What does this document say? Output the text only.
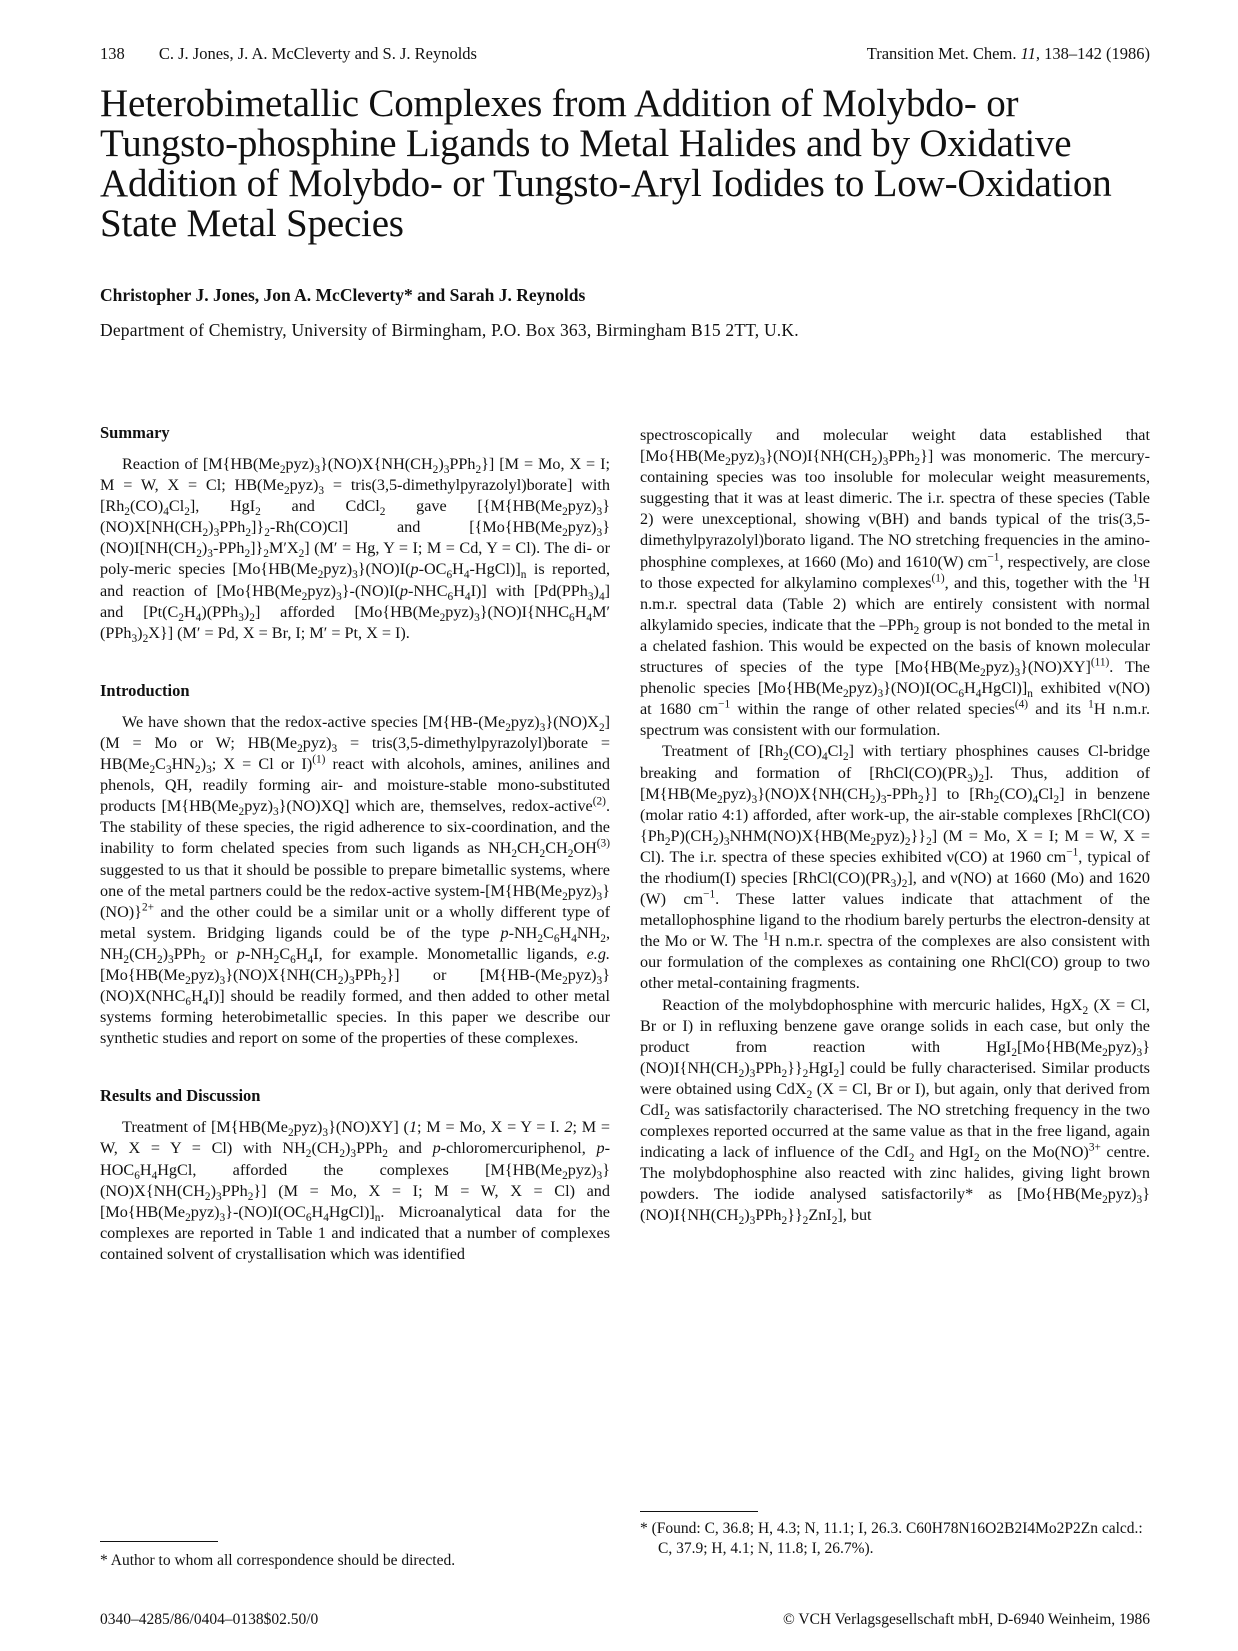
138 C. J. Jones, J. A. McCleverty and S. J. Reynolds	Transition Met. Chem. 11, 138–142 (1986)
Heterobimetallic Complexes from Addition of Molybdo- or Tungsto-phosphine Ligands to Metal Halides and by Oxidative Addition of Molybdo- or Tungsto-Aryl Iodides to Low-Oxidation State Metal Species
Christopher J. Jones, Jon A. McCleverty* and Sarah J. Reynolds
Department of Chemistry, University of Birmingham, P.O. Box 363, Birmingham B15 2TT, U.K.
Summary

Reaction of $[M\{HB(Me_2pyz)_3\}(NO)X\{NH(CH_2)_3PPh_2\}] [M = Mo$, X = I; M = W, X = Cl; $HB(Me_2pyz)_3$ = tris(3,5-dimethylpyrazolyl)borate] with $[Rh_2(CO)_4Cl_2]$, HgI$_2$ and CdCl$_2$ gave $[\{M\{HB(Me_2pyz)_3\}(NO)X[NH(CH_2)_3PPh_2]\}_2-Rh(CO)Cl]$ and $[\{Mo\{HB(Me_2pyz)_3\}(NO)I[NH(CH_2)_3-PPh_2]\}_2M'X_2] (M' = Hg$, Y = I; M = Cd, Y = Cl). The di- or poly-meric species $[Mo\{HB(Me_2pyz)_3\}(NO)I(p-OC_6H_4-HgCl)]_n$ is reported, and reaction of $[Mo\{HB(Me_2pyz)_3\}-(NO)I(p-NHC_6H_4I)]$ with $[Pd(PPh_3)_4]$ and $[Pt(C_2H_4)(PPh_3)_2]$ afforded $[Mo\{HB(Me_2pyz)_3\}(NO)I\{NHC_6H_4M'(PPh_3)_2X\}] (M' = Pd$, X = Br, I; M′ = Pt, X = I).

Introduction

We have shown that the redox-active species $[M\{HB-(Me_2pyz)_3\}(NO)X_2] (M = Mo$ or W; $HB(Me_2pyz)_3$ = tris(3,5-dimethylpyrazolyl)borate = $HB(Me_2C_3HN_2)_3$; X = Cl or I)$^{(1)}$ react with alcohols, amines, anilines and phenols, QH, readily forming air- and moisture-stable mono-substituted products $[M\{HB(Me_2pyz)_3\}(NO)XQ]$ which are, themselves, redox-active$^{(2)}$. The stability of these species, the rigid adherence to six-coordination, and the inability to form chelated species from such ligands as $NH_2CH_2CH_2OH^{(3)}$ suggested to us that it should be possible to prepare bimetallic systems, where one of the metal partners could be the redox-active system-$[M\{HB(Me_2pyz)_3\}(NO)\}^{2+}$ and the other could be a similar unit or a wholly different type of metal system. Bridging ligands could be of the type $p-NH_2C_6H_4NH_2$, $NH_2(CH_2)_3PPh_2$ or $p-NH_2C_6H_4I$, for example. Monometallic ligands, e.g. $[Mo\{HB(Me_2pyz)_3\}(NO)X\{NH(CH_2)_3PPh_2\}]$ or $[M\{HB-(Me_2pyz)_3\}(NO)X(NHC_6H_4I)]$ should be readily formed, and then added to other metal systems forming heterobimetallic species. In this paper we describe our synthetic studies and report on some of the properties of these complexes.

Results and Discussion

Treatment of $[M\{HB(Me_2pyz)_3\}(NO)XY]$ (1; M = Mo, X = Y = I. 2; M = W, X = Y = Cl) with $NH_2(CH_2)_3PPh_2$ and p-chloromercuriphenol, $p-HOC_6H_4HgCl$, afforded the complexes $[M\{HB(Me_2pyz)_3\}(NO)X\{NH(CH_2)_3PPh_2\}] (M = Mo$, X = I; M = W, X = Cl) and $[Mo\{HB(Me_2pyz)_3\}-(NO)I(OC_6H_4HgCl)]_n$. Microanalytical data for the complexes are reported in Table 1 and indicated that a number of complexes contained solvent of crystallisation which was identified

spectroscopically and molecular weight data established that $[Mo\{HB(Me_2pyz)_3\}(NO)I\{NH(CH_2)_3PPh_2\}]$ was monomeric. The mercury-containing species was too insoluble for molecular weight measurements, suggesting that it was at least dimeric. The i.r. spectra of these species (Table 2) were unexceptional, showing ν(BH) and bands typical of the tris(3,5-dimethylpyrazolyl)borato ligand. The NO stretching frequencies in the amino-phosphine complexes, at 1660 (Mo) and 1610(W) $cm^{-1}$, respectively, are close to those expected for alkylamino complexes$^{(1)}$, and this, together with the $^1$H n.m.r. spectral data (Table 2) which are entirely consistent with normal alkylamido species, indicate that the –PPh$_2$ group is not bonded to the metal in a chelated fashion. This would be expected on the basis of known molecular structures of species of the type $[Mo\{HB(Me_2pyz)_3\}(NO)XY]^{(11)}$. The phenolic species $[Mo\{HB(Me_2pyz)_3\}(NO)I(OC_6H_4HgCl)]_n$ exhibited ν(NO) at 1680 $cm^{-1}$ within the range of other related species$^{(4)}$ and its $^1$H n.m.r. spectrum was consistent with our formulation.

Treatment of $[Rh_2(CO)_4Cl_2]$ with tertiary phosphines causes Cl-bridge breaking and formation of $[RhCl(CO)(PR_3)_2]$. Thus, addition of $[M\{HB(Me_2pyz)_3\}(NO)X\{NH(CH_2)_3-PPh_2\}]$ to $[Rh_2(CO)_4Cl_2]$ in benzene (molar ratio 4:1) afforded, after work-up, the air-stable complexes $[RhCl(CO)\{Ph_2P)(CH_2)_3NHM(NO)X\{HB(Me_2pyz)_2\}\}_2] (M = Mo$, X = I; M = W, X = Cl). The i.r. spectra of these species exhibited ν(CO) at 1960 $cm^{-1}$, typical of the rhodium(I) species $[RhCl(CO)(PR_3)_2]$, and ν(NO) at 1660 (Mo) and 1620 (W) $cm^{-1}$. These latter values indicate that attachment of the metallophosphine ligand to the rhodium barely perturbs the electron-density at the Mo or W. The $^1$H n.m.r. spectra of the complexes are also consistent with our formulation of the complexes as containing one RhCl(CO) group to two other metal-containing fragments.

Reaction of the molybdophosphine with mercuric halides, HgX$_2$ (X = Cl, Br or I) in refluxing benzene gave orange solids in each case, but only the product from reaction with $HgI_2[Mo\{HB(Me_2pyz)_3\}(NO)I\{NH(CH_2)_3PPh_2\}\}_2HgI_2$] could be fully characterised. Similar products were obtained using CdX$_2$ (X = Cl, Br or I), but again, only that derived from CdI$_2$ was satisfactorily characterised. The NO stretching frequency in the two complexes reported occurred at the same value as that in the free ligand, again indicating a lack of influence of the CdI$_2$ and HgI$_2$ on the Mo(NO)$^{3+}$ centre. The molybdophosphine also reacted with zinc halides, giving light brown powders. The iodide analysed satisfactorily* as $[Mo\{HB(Me_2pyz)_3\}(NO)I\{NH(CH_2)_3PPh_2\}\}_2ZnI_2$], but

* Author to whom all correspondence should be directed.
* (Found: C, 36.8; H, 4.3; N, 11.1; I, 26.3. C60H78N16O2B2I4Mo2P2Zn calcd.: C, 37.9; H, 4.1; N, 11.8; I, 26.7%).
0340–4285/86/0404–0138$02.50/0	© VCH Verlagsgesellschaft mbH, D-6940 Weinheim, 1986
